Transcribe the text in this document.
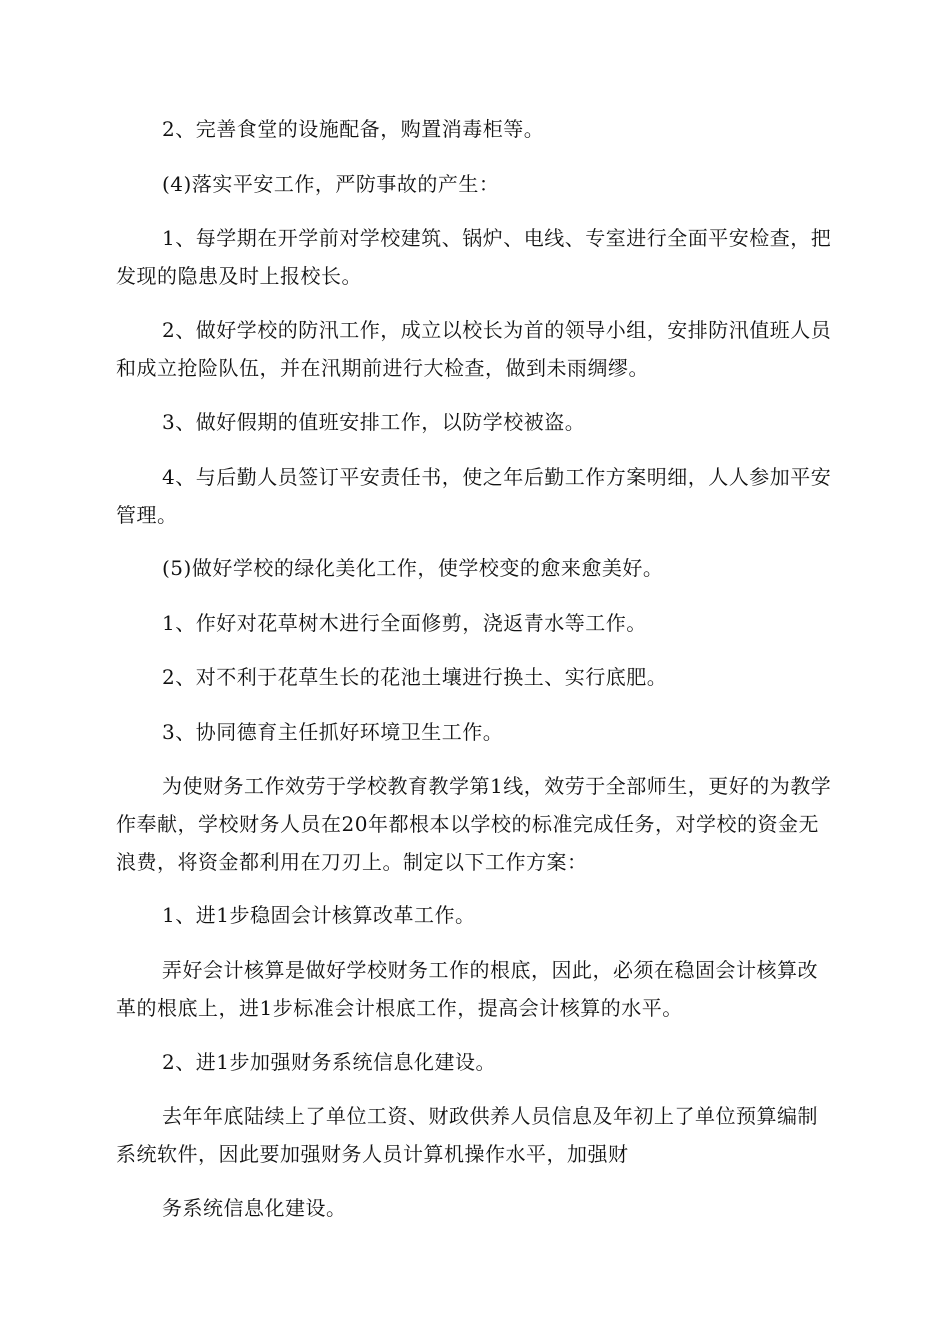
2、完善食堂的设施配备，购置消毒柜等。

(4)落实平安工作，严防事故的产生：

1、每学期在开学前对学校建筑、锅炉、电线、专室进行全面平安检查，把发现的隐患及时上报校长。

2、做好学校的防汛工作，成立以校长为首的领导小组，安排防汛值班人员和成立抢险队伍，并在汛期前进行大检查，做到未雨绸缪。

3、做好假期的值班安排工作，以防学校被盗。

4、与后勤人员签订平安责任书，使之年后勤工作方案明细，人人参加平安管理。

(5)做好学校的绿化美化工作，使学校变的愈来愈美好。

1、作好对花草树木进行全面修剪，浇返青水等工作。

2、对不利于花草生长的花池土壤进行换土、实行底肥。

3、协同德育主任抓好环境卫生工作。

为使财务工作效劳于学校教育教学第1线，效劳于全部师生，更好的为教学作奉献，学校财务人员在20年都根本以学校的标准完成任务，对学校的资金无浪费，将资金都利用在刀刃上。制定以下工作方案：

1、进1步稳固会计核算改革工作。

弄好会计核算是做好学校财务工作的根底，因此，必须在稳固会计核算改革的根底上，进1步标准会计根底工作，提高会计核算的水平。

2、进1步加强财务系统信息化建设。

去年年底陆续上了单位工资、财政供养人员信息及年初上了单位预算编制系统软件，因此要加强财务人员计算机操作水平，加强财

务系统信息化建设。
